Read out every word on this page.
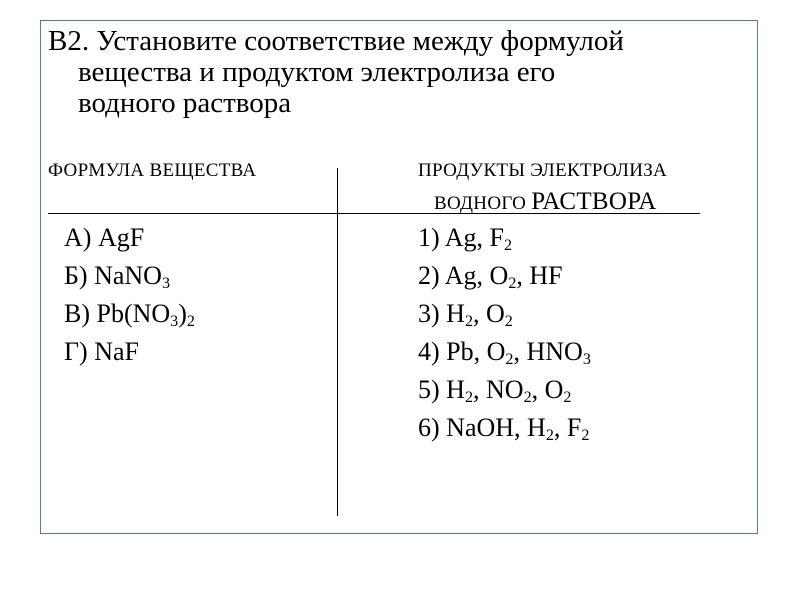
В2. Установите соответствие между формулой
вещества и продуктом электролиза его
водного раствора
ФОРМУЛА ВЕЩЕСТВА	ПРОДУКТЫ ЭЛЕКТРОЛИЗА
ВОДНОГО РАСТВОРА
А) AgF
Б) NaNO$_3$
В) $Pb(NO_3)_2$
Г) NaF
1) Ag, $F_2$
2) Ag, $O_2$, HF
3) $H_2$, $O_2$
4) Pb, $O_2$, $HNO_3$
5) $H_2$, $NO_2$, $O_2$
6) NaOH, $H_2$, $F_2$
